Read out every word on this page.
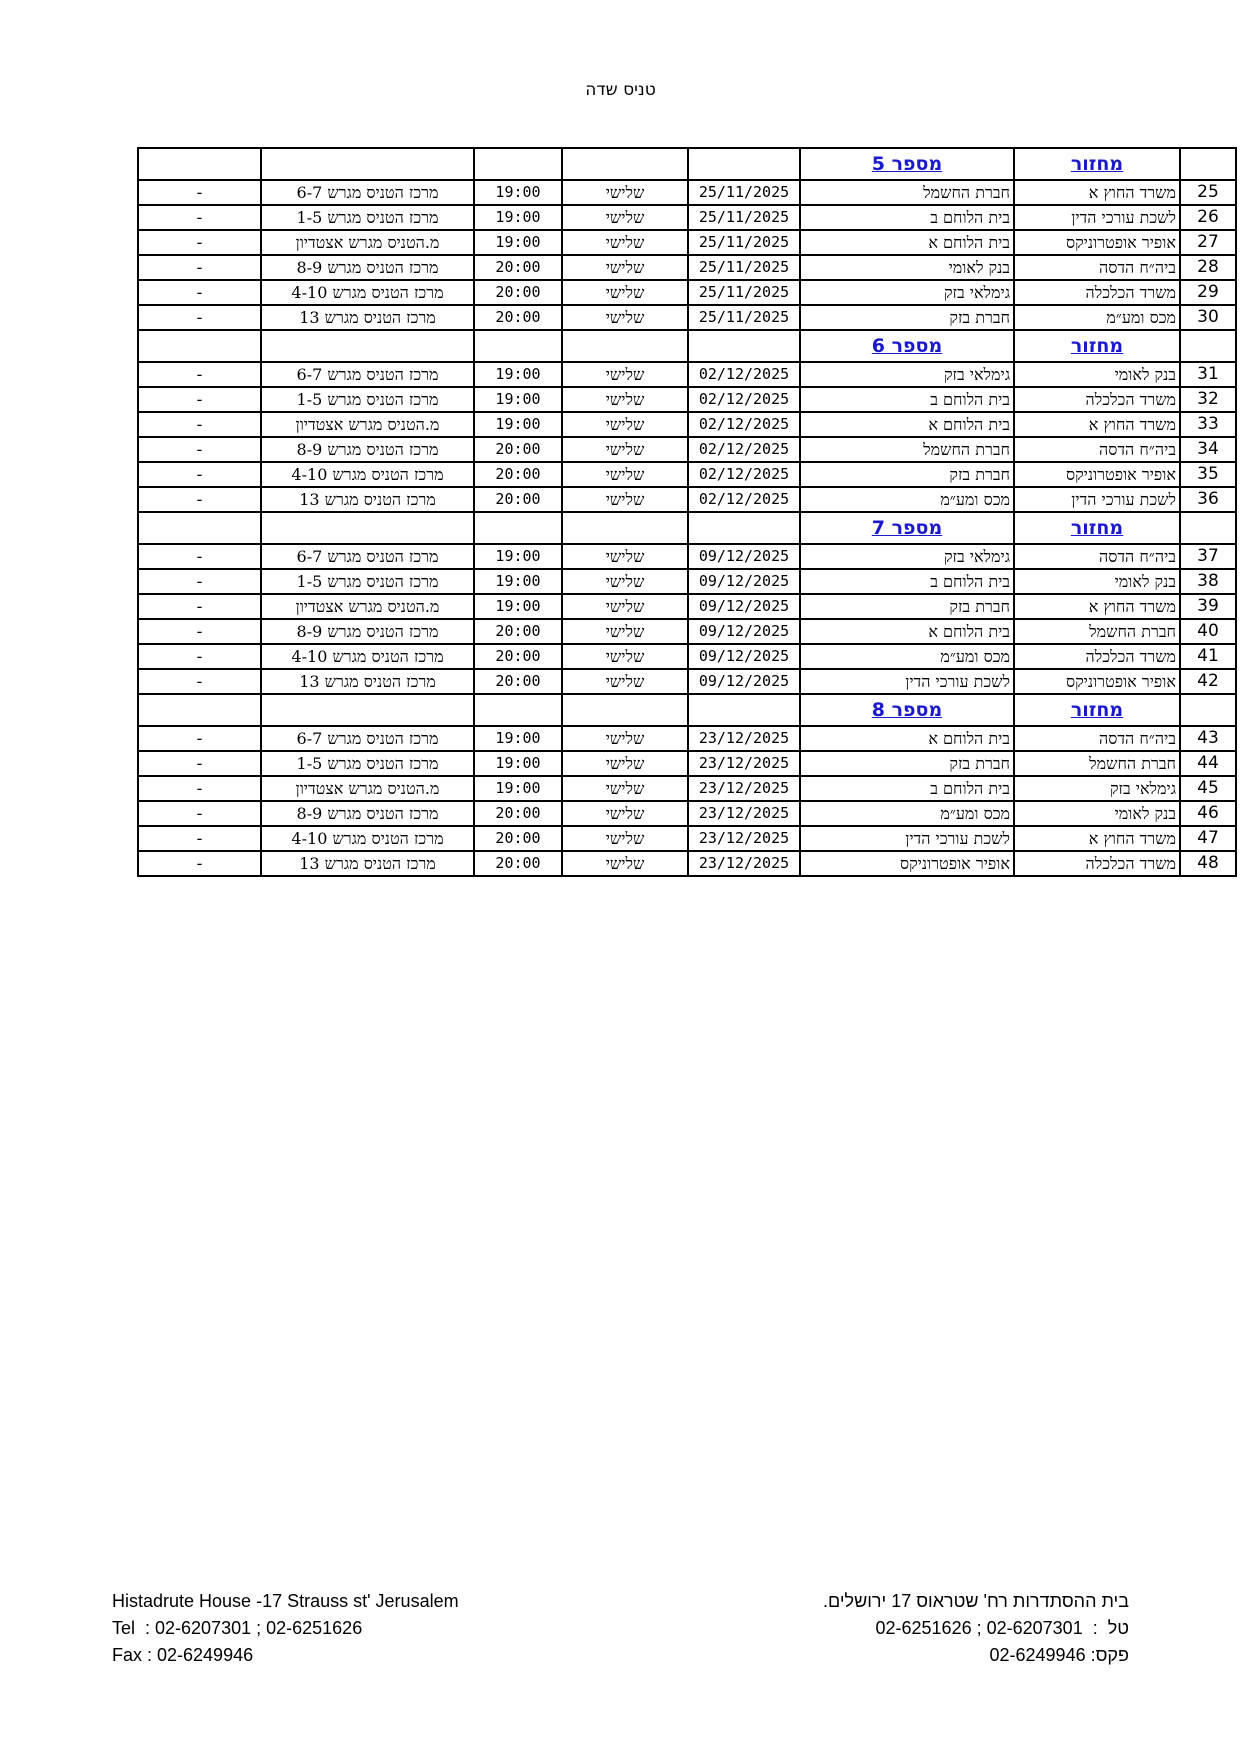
טניס שדה
	מחזור	מספר 5					
25	משרד החוץ א	חברת החשמל	25/11/2025	שלישי	19:00	מרכז הטניס מגרש 6-7	-
26	לשכת עורכי הדין	בית הלוחם ב	25/11/2025	שלישי	19:00	מרכז הטניס מגרש 1-5	-
27	אופיר אופטרוניקס	בית הלוחם א	25/11/2025	שלישי	19:00	מ.הטניס מגרש אצטדיון	-
28	ביה״ח הדסה	בנק לאומי	25/11/2025	שלישי	20:00	מרכז הטניס מגרש 8-9	-
29	משרד הכלכלה	גימלאי בזק	25/11/2025	שלישי	20:00	מרכז הטניס מגרש 4-10	-
30	מכס ומע״מ	חברת בזק	25/11/2025	שלישי	20:00	מרכז הטניס מגרש 13	-
	מחזור	מספר 6					
31	בנק לאומי	גימלאי בזק	02/12/2025	שלישי	19:00	מרכז הטניס מגרש 6-7	-
32	משרד הכלכלה	בית הלוחם ב	02/12/2025	שלישי	19:00	מרכז הטניס מגרש 1-5	-
33	משרד החוץ א	בית הלוחם א	02/12/2025	שלישי	19:00	מ.הטניס מגרש אצטדיון	-
34	ביה״ח הדסה	חברת החשמל	02/12/2025	שלישי	20:00	מרכז הטניס מגרש 8-9	-
35	אופיר אופטרוניקס	חברת בזק	02/12/2025	שלישי	20:00	מרכז הטניס מגרש 4-10	-
36	לשכת עורכי הדין	מכס ומע״מ	02/12/2025	שלישי	20:00	מרכז הטניס מגרש 13	-
	מחזור	מספר 7					
37	ביה״ח הדסה	גימלאי בזק	09/12/2025	שלישי	19:00	מרכז הטניס מגרש 6-7	-
38	בנק לאומי	בית הלוחם ב	09/12/2025	שלישי	19:00	מרכז הטניס מגרש 1-5	-
39	משרד החוץ א	חברת בזק	09/12/2025	שלישי	19:00	מ.הטניס מגרש אצטדיון	-
40	חברת החשמל	בית הלוחם א	09/12/2025	שלישי	20:00	מרכז הטניס מגרש 8-9	-
41	משרד הכלכלה	מכס ומע״מ	09/12/2025	שלישי	20:00	מרכז הטניס מגרש 4-10	-
42	אופיר אופטרוניקס	לשכת עורכי הדין	09/12/2025	שלישי	20:00	מרכז הטניס מגרש 13	-
	מחזור	מספר 8					
43	ביה״ח הדסה	בית הלוחם א	23/12/2025	שלישי	19:00	מרכז הטניס מגרש 6-7	-
44	חברת החשמל	חברת בזק	23/12/2025	שלישי	19:00	מרכז הטניס מגרש 1-5	-
45	גימלאי בזק	בית הלוחם ב	23/12/2025	שלישי	19:00	מ.הטניס מגרש אצטדיון	-
46	בנק לאומי	מכס ומע״מ	23/12/2025	שלישי	20:00	מרכז הטניס מגרש 8-9	-
47	משרד החוץ א	לשכת עורכי הדין	23/12/2025	שלישי	20:00	מרכז הטניס מגרש 4-10	-
48	משרד הכלכלה	אופיר אופטרוניקס	23/12/2025	שלישי	20:00	מרכז הטניס מגרש 13	-
Histadrute House -17 Strauss st' Jerusalem
Tel  : 02-6207301 ; 02-6251626
Fax : 02-6249946
בית ההסתדרות רח' שטראוס 17 ירושלים.
טל  :  02-6207301 ; 02-6251626
פקס: 02-6249946
